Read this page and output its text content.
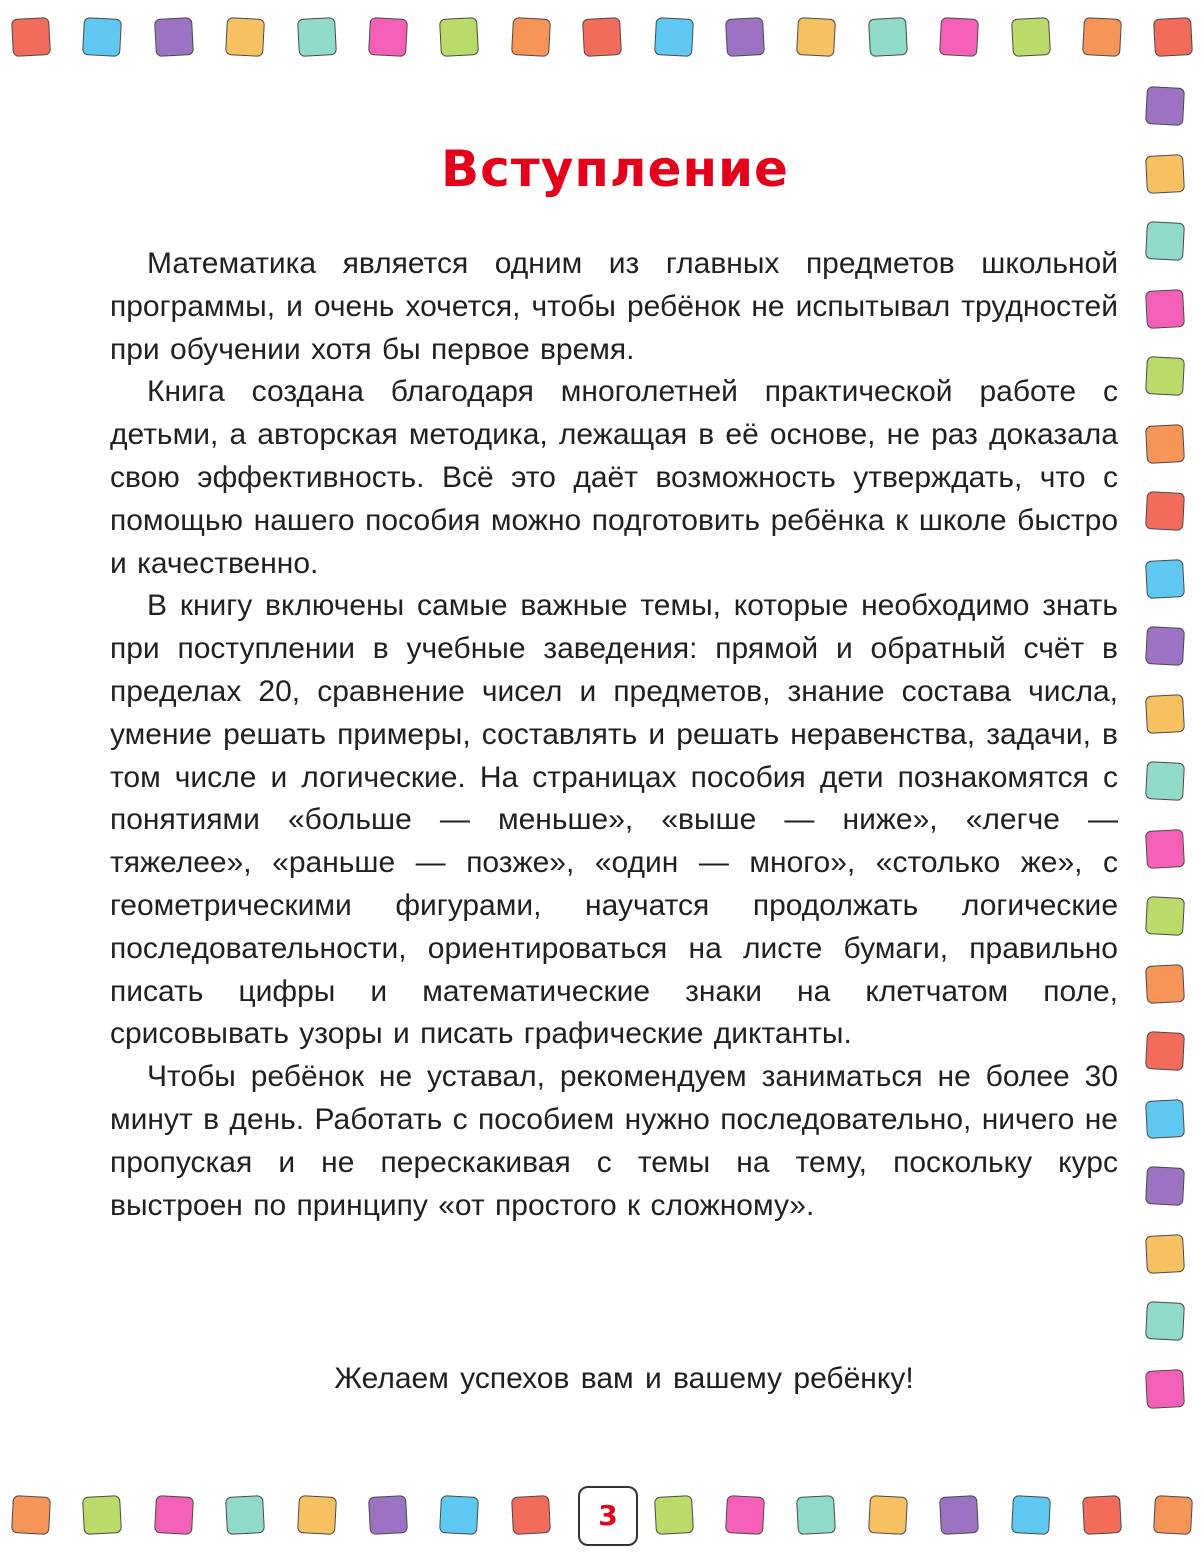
Вступление

Математика является одним из главных предметов школьной программы, и очень хочется, чтобы ребёнок не испытывал трудностей при обучении хотя бы первое время.

Книга создана благодаря многолетней практической работе с детьми, а авторская методика, лежащая в её основе, не раз доказала свою эффективность. Всё это даёт возможность утверждать, что с помощью нашего пособия можно подготовить ребёнка к школе быстро и качественно.

В книгу включены самые важные темы, которые необходимо знать при поступлении в учебные заведения: прямой и обратный счёт в пределах 20, сравнение чисел и предметов, знание состава числа, умение решать примеры, составлять и решать неравенства, задачи, в том числе и логические. На страницах пособия дети познакомятся с понятиями «больше — меньше», «выше — ниже», «легче — тяжелее», «раньше — позже», «один — много», «столько же», с геометрическими фигурами, научатся продолжать логические последовательности, ориентироваться на листе бумаги, правильно писать цифры и математические знаки на клетчатом поле, срисовывать узоры и писать графические диктанты.

Чтобы ребёнок не уставал, рекомендуем заниматься не более 30 минут в день. Работать с пособием нужно последовательно, ничего не пропуская и не перескакивая с темы на тему, поскольку курс выстроен по принципу «от простого к сложному».

Желаем успехов вам и вашему ребёнку!
3
